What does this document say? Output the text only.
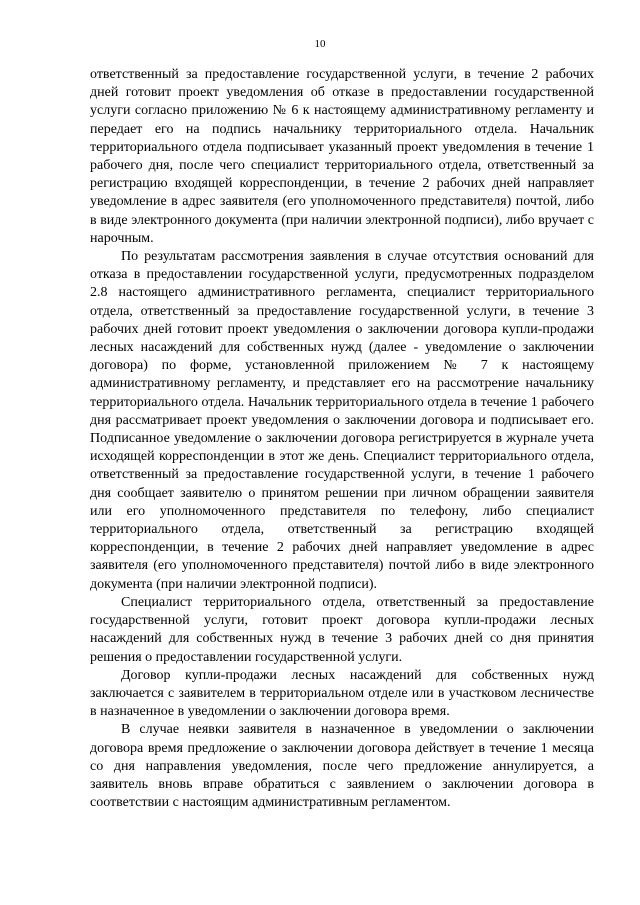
10

ответственный за предоставление государственной услуги, в течение 2 рабочих дней готовит проект уведомления об отказе в предоставлении государственной услуги согласно приложению № 6 к настоящему административному регламенту и передает его на подпись начальнику территориального отдела. Начальник территориального отдела подписывает указанный проект уведомления в течение 1 рабочего дня, после чего специалист территориального отдела, ответственный за регистрацию входящей корреспонденции, в течение 2 рабочих дней направляет уведомление в адрес заявителя (его уполномоченного представителя) почтой, либо в виде электронного документа (при наличии электронной подписи), либо вручает с нарочным.

По результатам рассмотрения заявления в случае отсутствия оснований для отказа в предоставлении государственной услуги, предусмотренных подразделом 2.8 настоящего административного регламента, специалист территориального отдела, ответственный за предоставление государственной услуги, в течение 3 рабочих дней готовит проект уведомления о заключении договора купли-продажи лесных насаждений для собственных нужд (далее - уведомление о заключении договора) по форме, установленной приложением № 7 к настоящему административному регламенту, и представляет его на рассмотрение начальнику территориального отдела. Начальник территориального отдела в течение 1 рабочего дня рассматривает проект уведомления о заключении договора и подписывает его. Подписанное уведомление о заключении договора регистрируется в журнале учета исходящей корреспонденции в этот же день. Специалист территориального отдела, ответственный за предоставление государственной услуги, в течение 1 рабочего дня сообщает заявителю о принятом решении при личном обращении заявителя или его уполномоченного представителя по телефону, либо специалист территориального отдела, ответственный за регистрацию входящей корреспонденции, в течение 2 рабочих дней направляет уведомление в адрес заявителя (его уполномоченного представителя) почтой либо в виде электронного документа (при наличии электронной подписи).

Специалист территориального отдела, ответственный за предоставление государственной услуги, готовит проект договора купли-продажи лесных насаждений для собственных нужд в течение 3 рабочих дней со дня принятия решения о предоставлении государственной услуги.

Договор купли-продажи лесных насаждений для собственных нужд заключается с заявителем в территориальном отделе или в участковом лесничестве в назначенное в уведомлении о заключении договора время.

В случае неявки заявителя в назначенное в уведомлении о заключении договора время предложение о заключении договора действует в течение 1 месяца со дня направления уведомления, после чего предложение аннулируется, а заявитель вновь вправе обратиться с заявлением о заключении договора в соответствии с настоящим административным регламентом.
